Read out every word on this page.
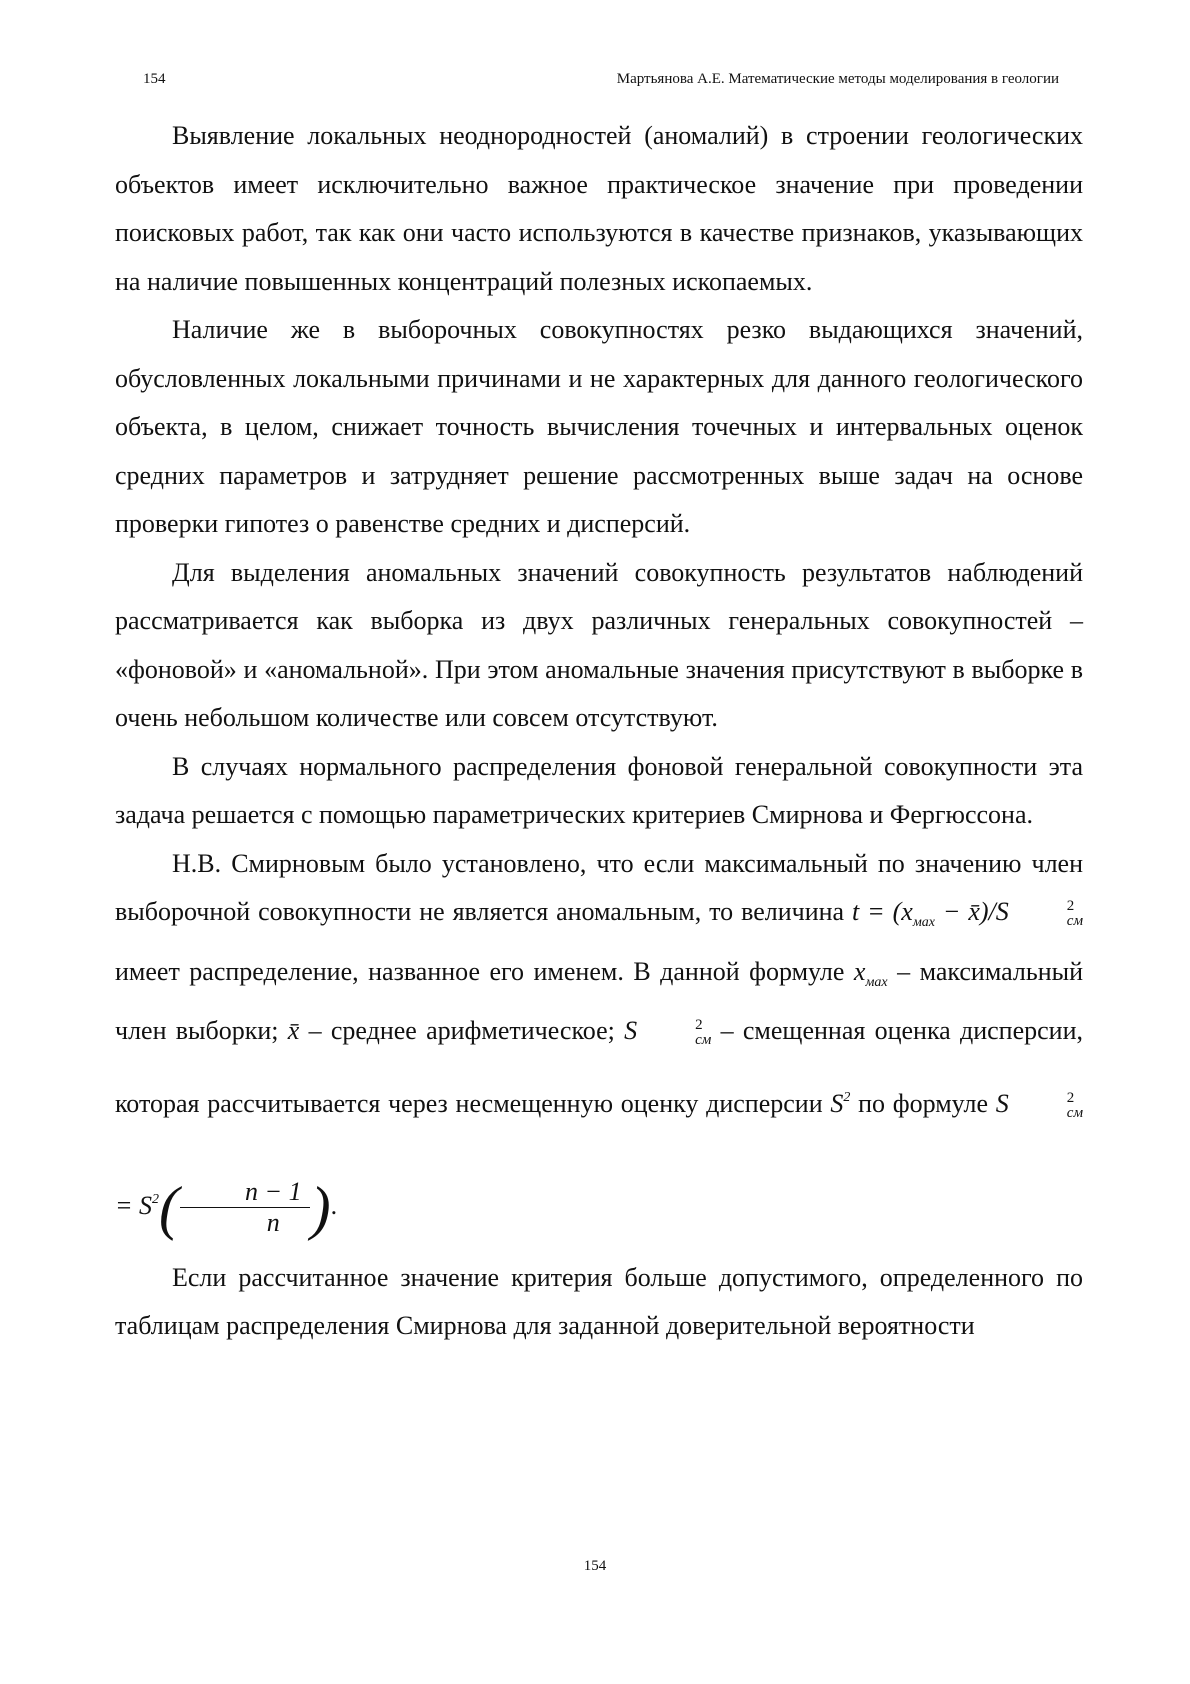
154	Мартьянова А.Е. Математические методы моделирования в геологии

Выявление локальных неоднородностей (аномалий) в строении геологических объектов имеет исключительно важное практическое значение при проведении поисковых работ, так как они часто используются в качестве признаков, указывающих на наличие повышенных концентраций полезных ископаемых.

Наличие же в выборочных совокупностях резко выдающихся значений, обусловленных локальными причинами и не характерных для данного геологического объекта, в целом, снижает точность вычисления точечных и интервальных оценок средних параметров и затрудняет решение рассмотренных выше задач на основе проверки гипотез о равенстве средних и дисперсий.

Для выделения аномальных значений совокупность результатов наблюдений рассматривается как выборка из двух различных генеральных совокупностей – «фоновой» и «аномальной». При этом аномальные значения присутствуют в выборке в очень небольшом количестве или совсем отсутствуют.

В случаях нормального распределения фоновой генеральной совокупности эта задача решается с помощью параметрических критериев Смирнова и Фергюссона.

Н.В. Смирновым было установлено, что если максимальный по значению член выборочной совокупности не является аномальным, то величина $t = (x_{мах}$ − x̄)/S	2
см
имеет распределение, названное его именем. В данной формуле $x_{мах}$ – максимальный член выборки; x̄ – среднее арифметическое; S	2
см – смещенная оценка дисперсии, которая рассчитывается через несмещенную оценку дисперсии $S^2$ по формуле S	2
см
= $S^2( \frac{n - 1}{n}$ ).

Если рассчитанное значение критерия больше допустимого, определенного по таблицам распределения Смирнова для заданной доверительной вероятности

154
